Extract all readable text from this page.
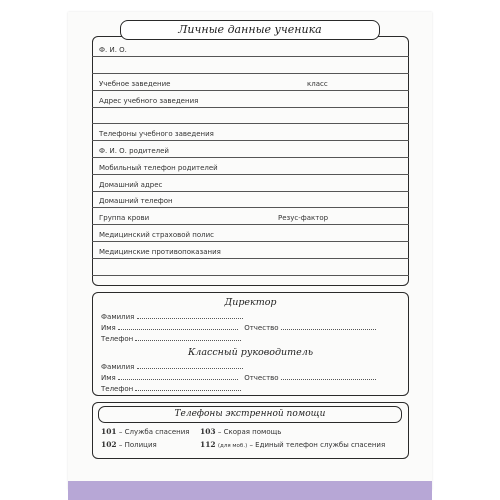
Ф. И. О.
Учебное заведение	класс
Адрес учебного заведения
Телефоны учебного заведения
Ф. И. О. родителей
Мобильный телефон родителей
Домашний адрес
Домашний телефон
Группа крови	Резус-фактор
Медицинский страховой полис
Медицинские противопоказания
Личные данные ученика
Директор
Фамилия
Имя	Отчество
Телефон
Классный руководитель
Фамилия
Имя	Отчество
Телефон
Телефоны экстренной помощи
101 – Служба спасения 103 – Скорая помощь
102 – Полиция	112 (для моб.) – Единый телефон службы спасения
